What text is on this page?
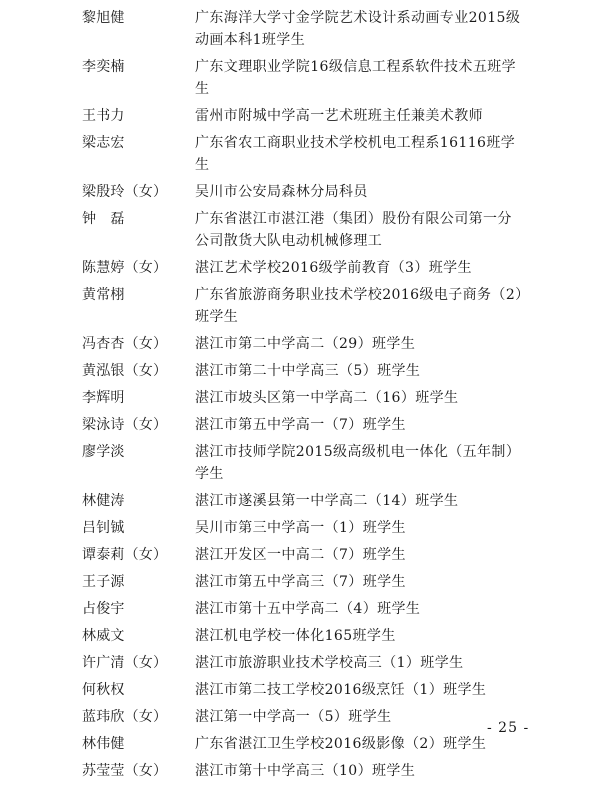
黎旭健	广东海洋大学寸金学院艺术设计系动画专业2015级动画本科1班学生
李奕楠	广东文理职业学院16级信息工程系软件技术五班学生
王书力	雷州市附城中学高一艺术班班主任兼美术教师
梁志宏	广东省农工商职业技术学校机电工程系16116班学生
梁殷玲（女）	吴川市公安局森林分局科员
钟　磊	广东省湛江市湛江港（集团）股份有限公司第一分公司散货大队电动机械修理工
陈慧婷（女）	湛江艺术学校2016级学前教育（3）班学生
黄常栩	广东省旅游商务职业技术学校2016级电子商务（2）班学生
冯杏杏（女）	湛江市第二中学高二（29）班学生
黄泓银（女）	湛江市第二十中学高三（5）班学生
李辉明	湛江市坡头区第一中学高二（16）班学生
梁泳诗（女）	湛江市第五中学高一（7）班学生
廖学淡	湛江市技师学院2015级高级机电一体化（五年制）学生
林健涛	湛江市遂溪县第一中学高二（14）班学生
吕钊铖	吴川市第三中学高一（1）班学生
谭泰莉（女）	湛江开发区一中高二（7）班学生
王子源	湛江市第五中学高三（7）班学生
占俊宇	湛江市第十五中学高二（4）班学生
林威文	湛江机电学校一体化165班学生
许广清（女）	湛江市旅游职业技术学校高三（1）班学生
何秋权	湛江市第二技工学校2016级烹饪（1）班学生
蓝玮欣（女）	湛江第一中学高一（5）班学生
林伟健	广东省湛江卫生学校2016级影像（2）班学生
苏莹莹（女）	湛江市第十中学高三（10）班学生
- 25 -
